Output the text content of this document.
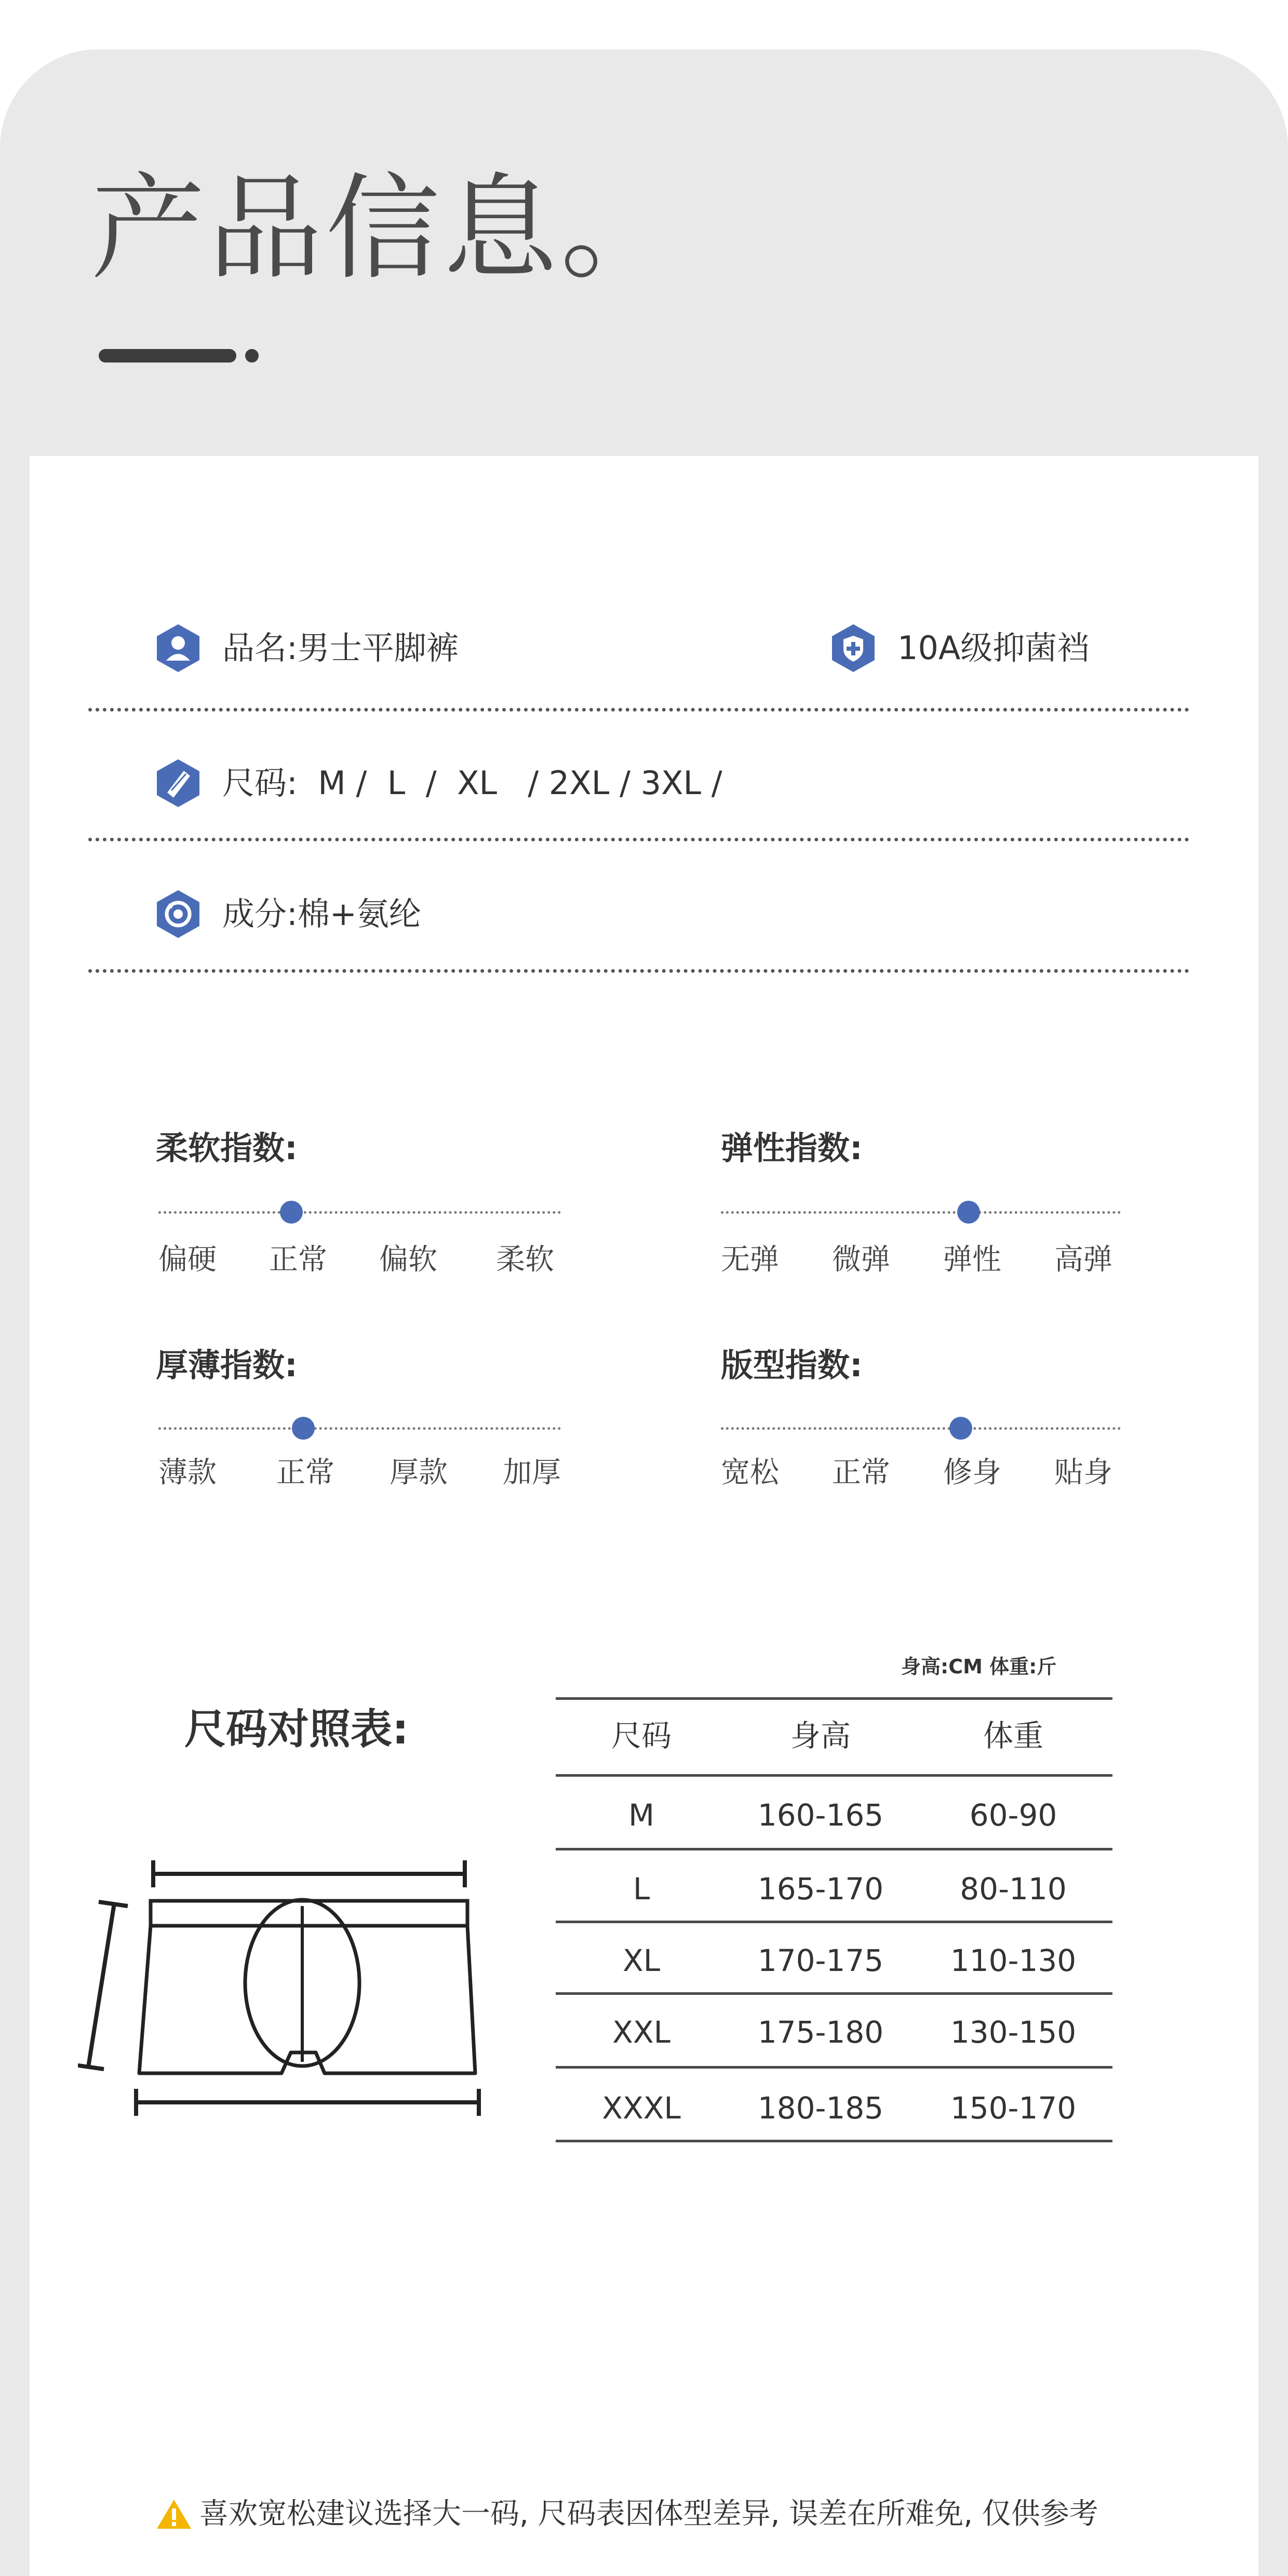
产品信息。
品名:男士平脚裤	10A级抑菌裆
尺码:  M /  L  /  XL   / 2XL / 3XL /
成分:棉+氨纶
柔软指数:
偏硬 正常 偏软 柔软
弹性指数:
无弹 微弹 弹性 高弹
厚薄指数:
薄款 正常 厚款 加厚
版型指数:
宽松 正常 修身 贴身
尺码对照表:
身高:CM 体重:斤
尺码	身高	体重
M	160-165	60-90
L	165-170	80-110
XL	170-175	110-130
XXL	175-180	130-150
XXXL	180-185	150-170
喜欢宽松建议选择大一码, 尺码表因体型差异, 误差在所难免, 仅供参考
